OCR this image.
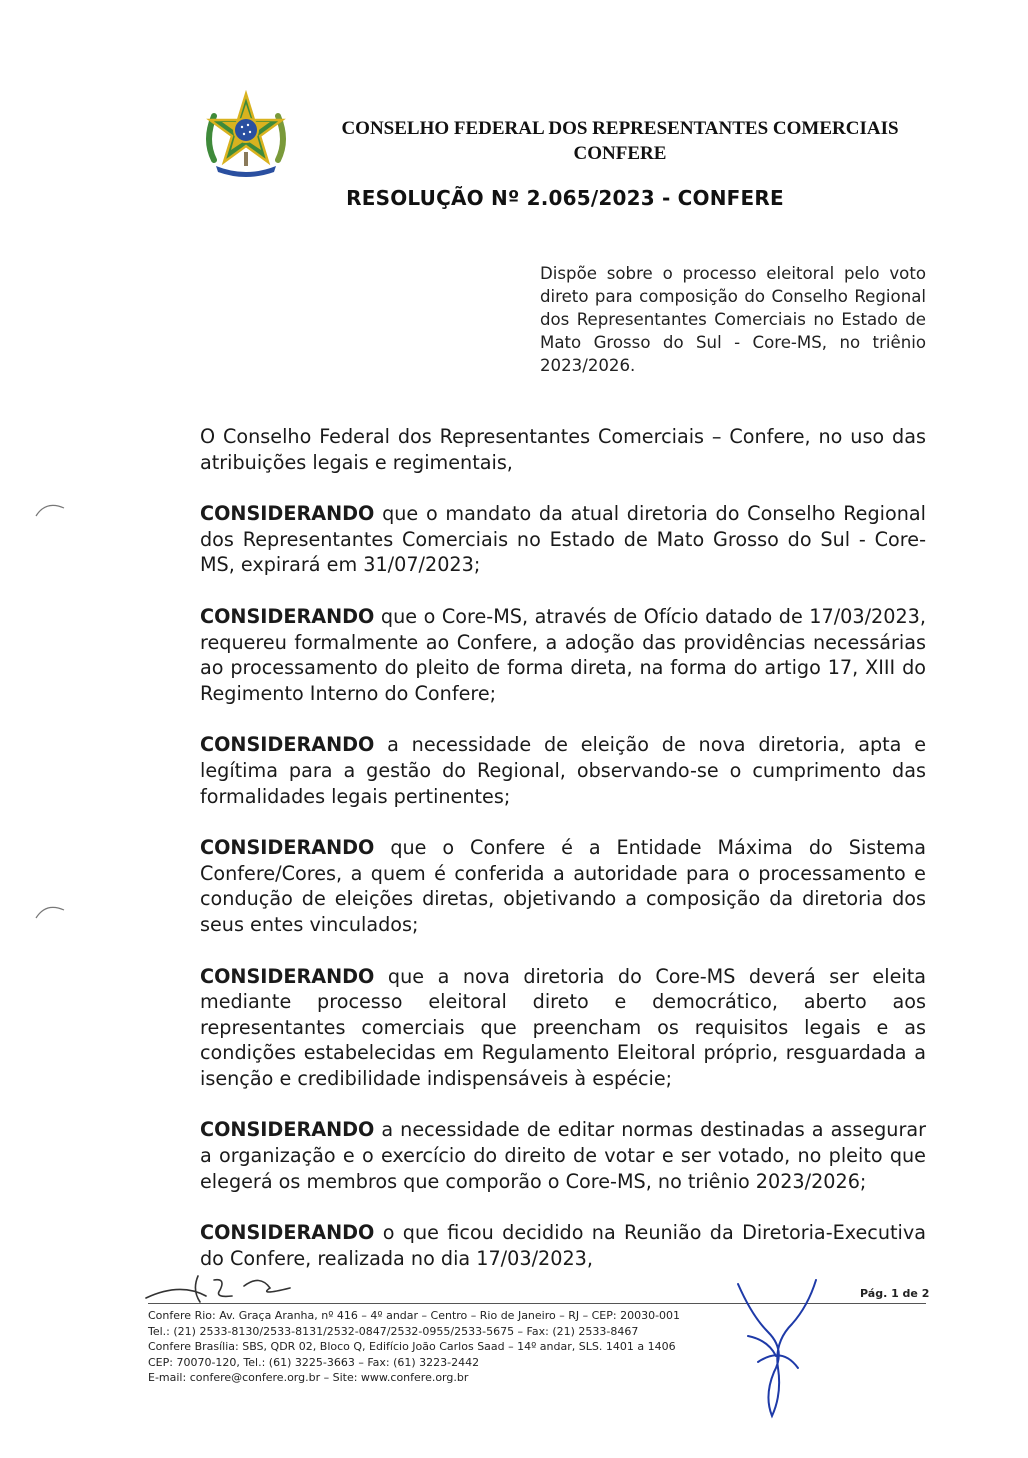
CONSELHO FEDERAL DOS REPRESENTANTES COMERCIAIS
CONFERE
RESOLUÇÃO Nº 2.065/2023 - CONFERE
Dispõe sobre o processo eleitoral pelo voto direto para composição do Conselho Regional dos Representantes Comerciais no Estado de Mato Grosso do Sul - Core-MS, no triênio 2023/2026.

O Conselho Federal dos Representantes Comerciais – Confere, no uso das atribuições legais e regimentais,

CONSIDERANDO que o mandato da atual diretoria do Conselho Regional dos Representantes Comerciais no Estado de Mato Grosso do Sul - Core-MS, expirará em 31/07/2023;

CONSIDERANDO que o Core-MS, através de Ofício datado de 17/03/2023, requereu formalmente ao Confere, a adoção das providências necessárias ao processamento do pleito de forma direta, na forma do artigo 17, XIII do Regimento Interno do Confere;

CONSIDERANDO a necessidade de eleição de nova diretoria, apta e legítima para a gestão do Regional, observando-se o cumprimento das formalidades legais pertinentes;

CONSIDERANDO que o Confere é a Entidade Máxima do Sistema Confere/Cores, a quem é conferida a autoridade para o processamento e condução de eleições diretas, objetivando a composição da diretoria dos seus entes vinculados;

CONSIDERANDO que a nova diretoria do Core-MS deverá ser eleita mediante processo eleitoral direto e democrático, aberto aos representantes comerciais que preencham os requisitos legais e as condições estabelecidas em Regulamento Eleitoral próprio, resguardada a isenção e credibilidade indispensáveis à espécie;

CONSIDERANDO a necessidade de editar normas destinadas a assegurar a organização e o exercício do direito de votar e ser votado, no pleito que elegerá os membros que comporão o Core-MS, no triênio 2023/2026;

CONSIDERANDO o que ficou decidido na Reunião da Diretoria-Executiva do Confere, realizada no dia 17/03/2023,

Pág. 1 de 2
Confere Rio: Av. Graça Aranha, nº 416 – 4º andar – Centro – Rio de Janeiro – RJ – CEP: 20030-001
Tel.: (21) 2533-8130/2533-8131/2532-0847/2532-0955/2533-5675 – Fax: (21) 2533-8467
Confere Brasília: SBS, QDR 02, Bloco Q, Edifício João Carlos Saad – 14º andar, SLS. 1401 a 1406
CEP: 70070-120, Tel.: (61) 3225-3663 – Fax: (61) 3223-2442
E-mail: confere@confere.org.br – Site: www.confere.org.br
